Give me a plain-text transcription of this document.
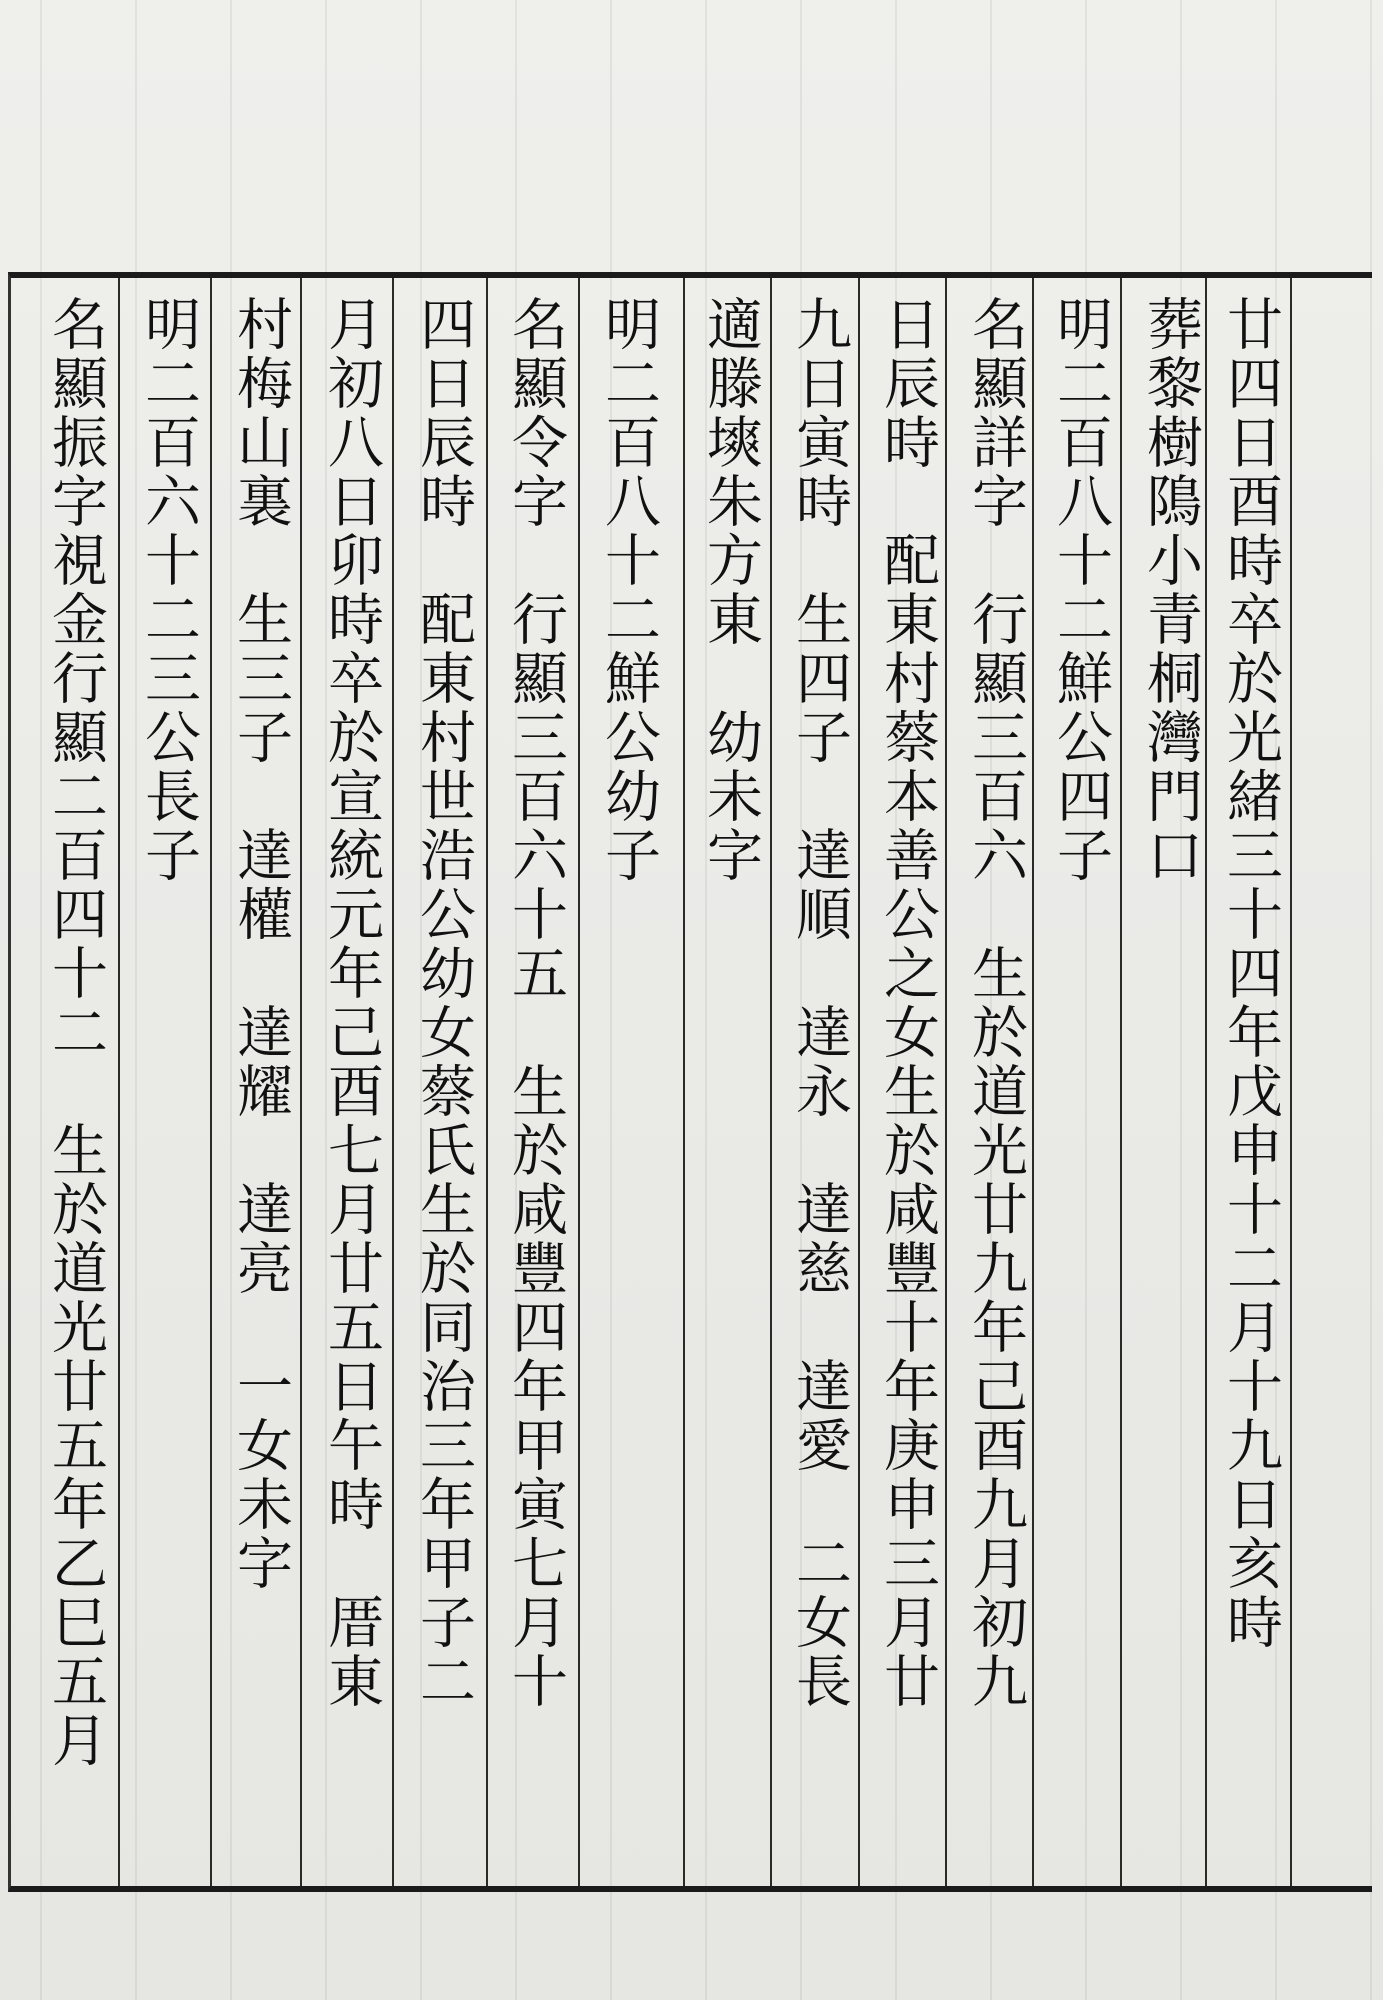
廿四日酉時卒於光緒三十四年戊申十二月十九日亥時
葬黎樹隝小青桐灣門口
明二百八十二鮮公四子
名顯詳字　行顯三百六　生於道光廿九年己酉九月初九
日辰時　配東村蔡本善公之女生於咸豐十年庚申三月廿
九日寅時　生四子　達順　達永　達慈　達愛　二女長
適滕塽朱方東　幼未字
明二百八十二鮮公幼子
名顯令字　行顯三百六十五　生於咸豐四年甲寅七月十
四日辰時　配東村世浩公幼女蔡氏生於同治三年甲子二
月初八日卯時卒於宣統元年己酉七月廿五日午時　厝東
村梅山裏　生三子　達權　達耀　達亮　一女未字
明二百六十二三公長子
名顯振字視金行顯二百四十二　生於道光廿五年乙巳五月
